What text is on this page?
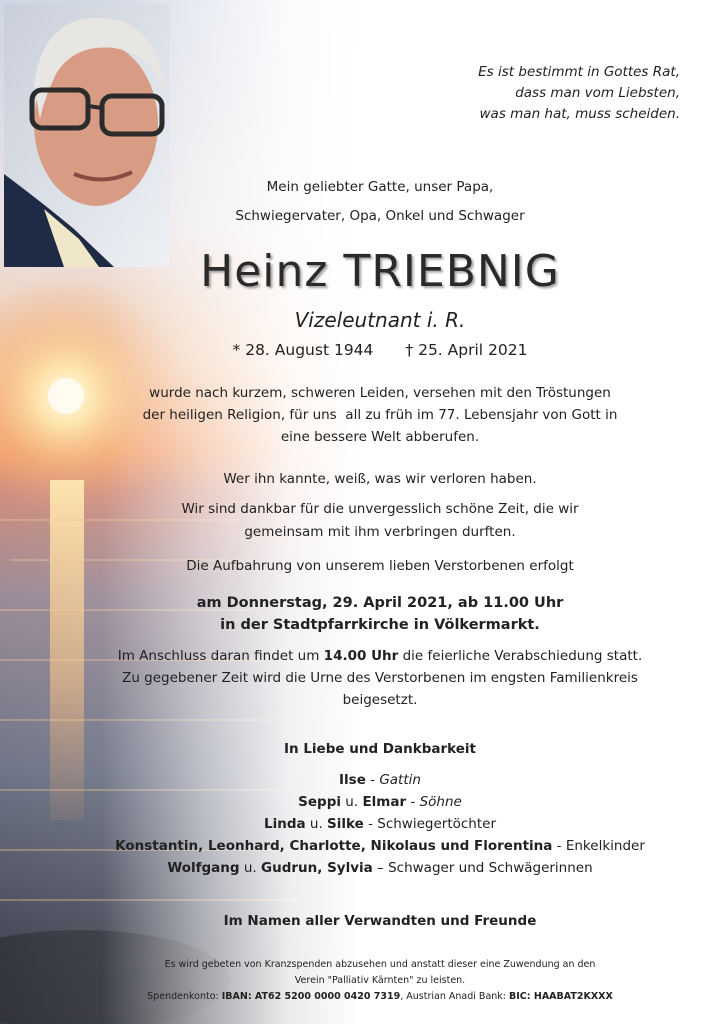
Es ist bestimmt in Gottes Rat,
dass man vom Liebsten,
was man hat, muss scheiden.
Mein geliebter Gatte, unser Papa,
Schwiegervater, Opa, Onkel und Schwager
Heinz TRIEBNIG
Vizeleutnant i. R.
* 28. August 1944 † 25. April 2021
wurde nach kurzem, schweren Leiden, versehen mit den Tröstungen
der heiligen Religion, für uns  all zu früh im 77. Lebensjahr von Gott in
eine bessere Welt abberufen.
Wer ihn kannte, weiß, was wir verloren haben.
Wir sind dankbar für die unvergesslich schöne Zeit, die wir
gemeinsam mit ihm verbringen durften.
Die Aufbahrung von unserem lieben Verstorbenen erfolgt
am Donnerstag, 29. April 2021, ab 11.00 Uhr
in der Stadtpfarrkirche in Völkermarkt.
Im Anschluss daran findet um 14.00 Uhr die feierliche Verabschiedung statt.
Zu gegebener Zeit wird die Urne des Verstorbenen im engsten Familienkreis
beigesetzt.
In Liebe und Dankbarkeit
Ilse - Gattin
Seppi u. Elmar - Söhne
Linda u. Silke - Schwiegertöchter
Konstantin, Leonhard, Charlotte, Nikolaus und Florentina - Enkelkinder
Wolfgang u. Gudrun, Sylvia – Schwager und Schwägerinnen
Im Namen aller Verwandten und Freunde
Es wird gebeten von Kranzspenden abzusehen und anstatt dieser eine Zuwendung an den
Verein "Palliativ Kärnten" zu leisten.
Spendenkonto: IBAN: AT62 5200 0000 0420 7319, Austrian Anadi Bank: BIC: HAABAT2KXXX
